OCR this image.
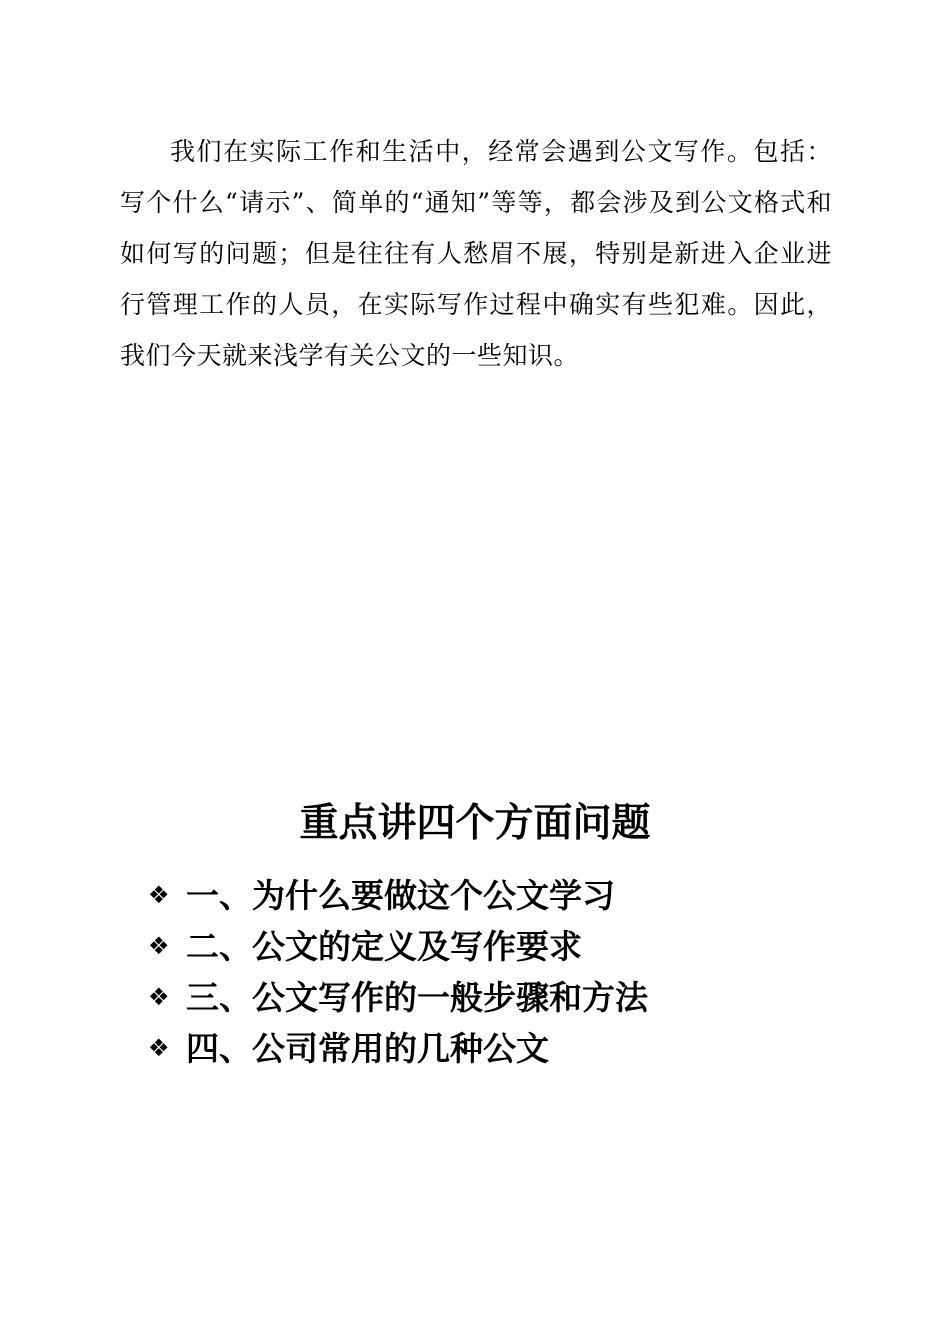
我们在实际工作和生活中，经常会遇到公文写作。包括：写个什么“请示”、简单的“通知”等等，都会涉及到公文格式和如何写的问题；但是往往有人愁眉不展，特别是新进入企业进行管理工作的人员，在实际写作过程中确实有些犯难。因此，我们今天就来浅学有关公文的一些知识。

重点讲四个方面问题
❖ 一、为什么要做这个公文学习
❖ 二、公文的定义及写作要求
❖ 三、公文写作的一般步骤和方法
❖ 四、公司常用的几种公文
